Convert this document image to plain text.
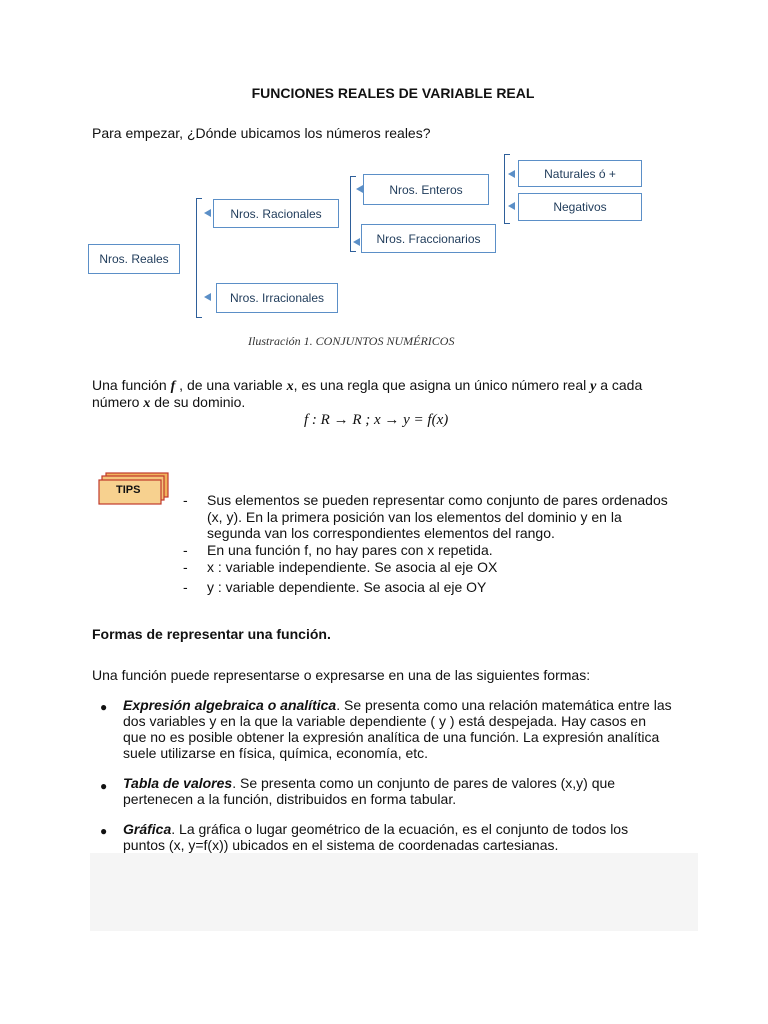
FUNCIONES REALES DE VARIABLE REAL
Para empezar, ¿Dónde ubicamos los números reales?
Nros. Reales
Nros. Racionales
Nros. Irracionales
Nros. Enteros
Nros. Fraccionarios
Naturales ó +
Negativos
Ilustración 1. CONJUNTOS NUMÉRICOS
Una función f , de una variable x, es una regla que asigna un único número real y a cada
número x de su dominio.
f : R → R ; x → y = f(x)
TIPS
- Sus elementos se pueden representar como conjunto de pares ordenados
(x, y). En la primera posición van los elementos del dominio y en la
segunda van los correspondientes elementos del rango.
- En una función f, no hay pares con x repetida.
- x : variable independiente. Se asocia al eje OX
- y : variable dependiente. Se asocia al eje OY
Formas de representar una función.
Una función puede representarse o expresarse en una de las siguientes formas:
● Expresión algebraica o analítica. Se presenta como una relación matemática entre las
dos variables y en la que la variable dependiente ( y ) está despejada. Hay casos en
que no es posible obtener la expresión analítica de una función. La expresión analítica
suele utilizarse en física, química, economía, etc.
● Tabla de valores. Se presenta como un conjunto de pares de valores (x,y) que
pertenecen a la función, distribuidos en forma tabular.
● Gráfica. La gráfica o lugar geométrico de la ecuación, es el conjunto de todos los
puntos (x, y=f(x)) ubicados en el sistema de coordenadas cartesianas.
